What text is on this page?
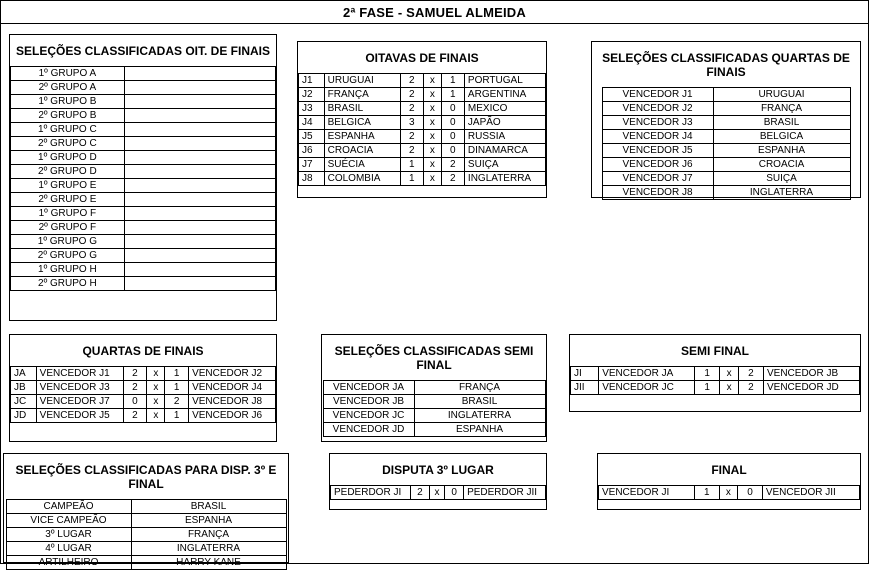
2ª FASE - SAMUEL ALMEIDA
SELEÇÕES CLASSIFICADAS OIT. DE FINAIS
1º GRUPO A	
2º GRUPO A	
1º GRUPO B	
2º GRUPO B	
1º GRUPO C	
2º GRUPO C	
1º GRUPO D	
2º GRUPO D	
1º GRUPO E	
2º GRUPO E	
1º GRUPO F	
2º GRUPO F	
1º GRUPO G	
2º GRUPO G	
1º GRUPO H	
2º GRUPO H	
OITAVAS DE FINAIS
J1	URUGUAI	2	x	1	PORTUGAL
J2	FRANÇA	2	x	1	ARGENTINA
J3	BRASIL	2	x	0	MEXICO
J4	BELGICA	3	x	0	JAPÃO
J5	ESPANHA	2	x	0	RUSSIA
J6	CROACIA	2	x	0	DINAMARCA
J7	SUÉCIA	1	x	2	SUIÇA
J8	COLOMBIA	1	x	2	INGLATERRA
SELEÇÕES CLASSIFICADAS QUARTAS DE FINAIS
VENCEDOR J1	URUGUAI
VENCEDOR J2	FRANÇA
VENCEDOR J3	BRASIL
VENCEDOR J4	BELGICA
VENCEDOR J5	ESPANHA
VENCEDOR J6	CROACIA
VENCEDOR J7	SUIÇA
VENCEDOR J8	INGLATERRA
QUARTAS DE FINAIS
JA	VENCEDOR J1	2	x	1	VENCEDOR J2
JB	VENCEDOR J3	2	x	1	VENCEDOR J4
JC	VENCEDOR J7	0	x	2	VENCEDOR J8
JD	VENCEDOR J5	2	x	1	VENCEDOR J6
SELEÇÕES CLASSIFICADAS SEMI FINAL
VENCEDOR JA	FRANÇA
VENCEDOR JB	BRASIL
VENCEDOR JC	INGLATERRA
VENCEDOR JD	ESPANHA
SEMI FINAL
JI	VENCEDOR JA	1	x	2	VENCEDOR JB
JII	VENCEDOR JC	1	x	2	VENCEDOR JD
SELEÇÕES CLASSIFICADAS PARA DISP. 3º E FINAL
CAMPEÃO	BRASIL
VICE CAMPEÃO	ESPANHA
3º LUGAR	FRANÇA
4º LUGAR	INGLATERRA
ARTILHEIRO	HARRY KANE
DISPUTA 3º LUGAR
PEDERDOR JI	2	x	0	PEDERDOR JII
FINAL
VENCEDOR JI	1	x	0	VENCEDOR JII
